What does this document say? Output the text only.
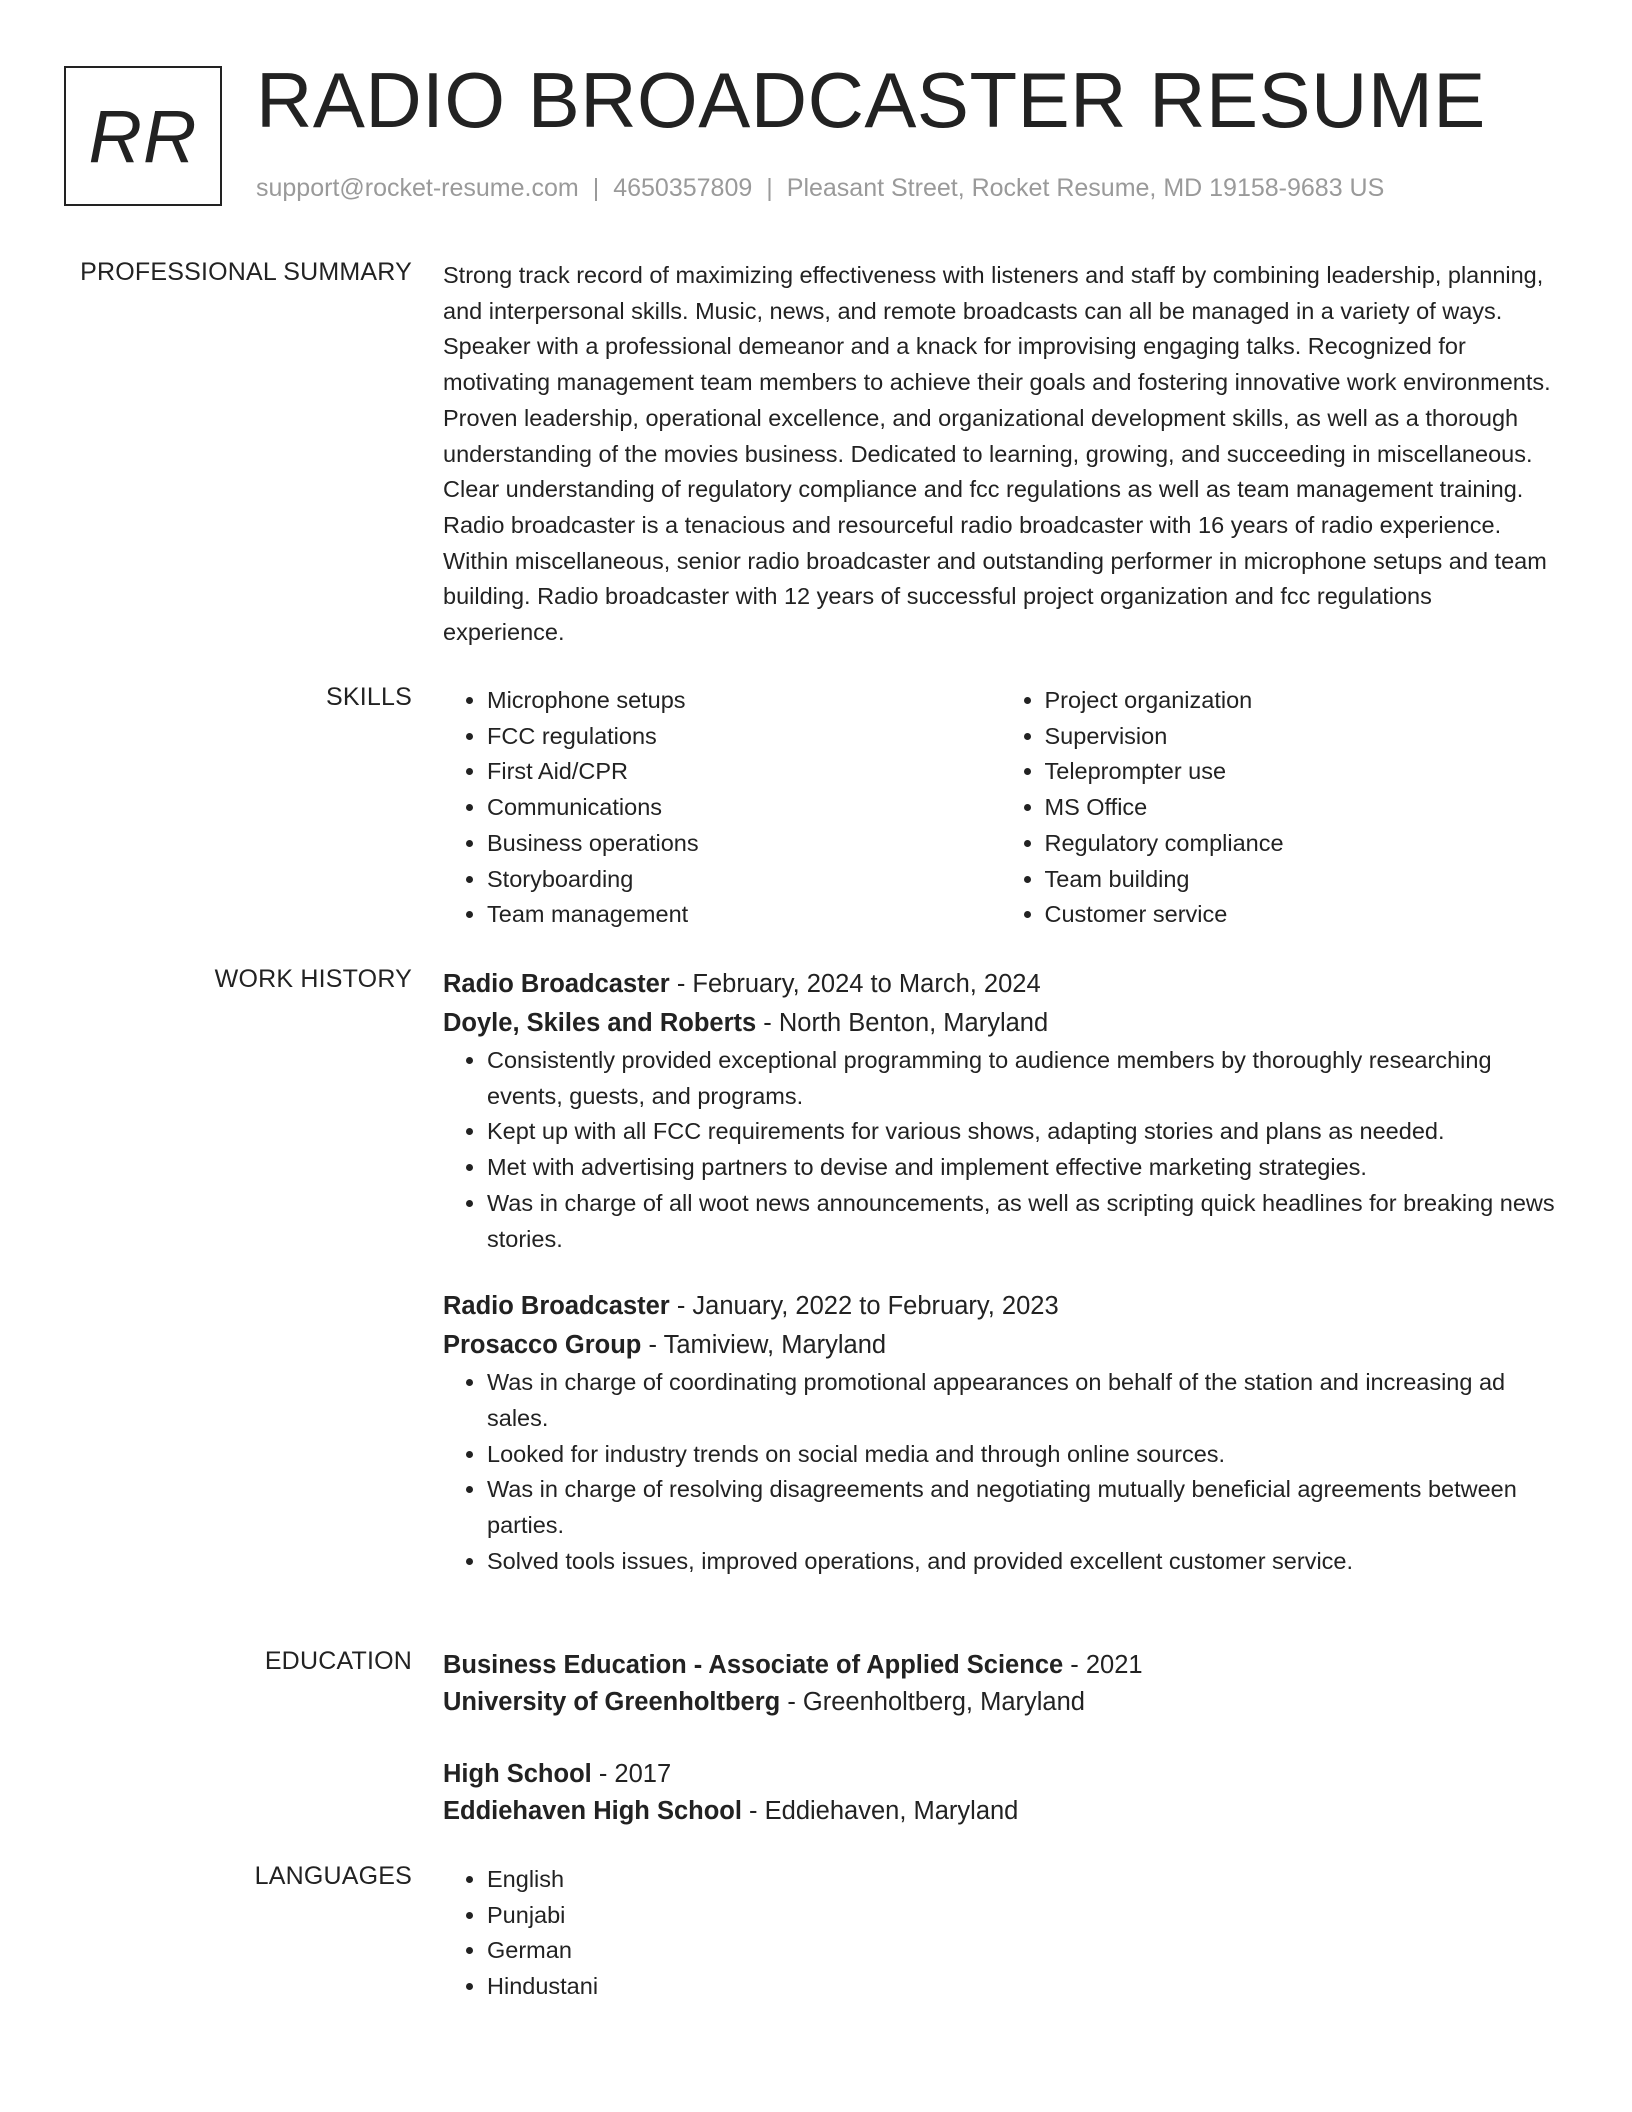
RR RADIO BROADCASTER RESUME
support@rocket-resume.com | 4650357809 | Pleasant Street, Rocket Resume, MD 19158-9683 US
PROFESSIONAL SUMMARY Strong track record of maximizing effectiveness with listeners and staff by combining leadership, planning, and interpersonal skills. Music, news, and remote broadcasts can all be managed in a variety of ways. Speaker with a professional demeanor and a knack for improvising engaging talks. Recognized for motivating management team members to achieve their goals and fostering innovative work environments. Proven leadership, operational excellence, and organizational development skills, as well as a thorough understanding of the movies business. Dedicated to learning, growing, and succeeding in miscellaneous. Clear understanding of regulatory compliance and fcc regulations as well as team management training. Radio broadcaster is a tenacious and resourceful radio broadcaster with 16 years of radio experience. Within miscellaneous, senior radio broadcaster and outstanding performer in microphone setups and team building. Radio broadcaster with 12 years of successful project organization and fcc regulations experience.

SKILLS	• Microphone setups
• FCC regulations
• First Aid/CPR
• Communications
• Business operations
• Storyboarding
• Team management
• Project organization
• Supervision
• Teleprompter use
• MS Office
• Regulatory compliance
• Team building
• Customer service
WORK HISTORY Radio Broadcaster - February, 2024 to March, 2024
Doyle, Skiles and Roberts - North Benton, Maryland
• Consistently provided exceptional programming to audience members by thoroughly researching events, guests, and programs.
• Kept up with all FCC requirements for various shows, adapting stories and plans as needed.
• Met with advertising partners to devise and implement effective marketing strategies.
• Was in charge of all woot news announcements, as well as scripting quick headlines for breaking news stories.
Radio Broadcaster - January, 2022 to February, 2023
Prosacco Group - Tamiview, Maryland
• Was in charge of coordinating promotional appearances on behalf of the station and increasing ad sales.
• Looked for industry trends on social media and through online sources.
• Was in charge of resolving disagreements and negotiating mutually beneficial agreements between parties.
• Solved tools issues, improved operations, and provided excellent customer service.
EDUCATION Business Education - Associate of Applied Science - 2021
University of Greenholtberg - Greenholtberg, Maryland
High School - 2017
Eddiehaven High School - Eddiehaven, Maryland
LANGUAGES	• English
• Punjabi
• German
• Hindustani
